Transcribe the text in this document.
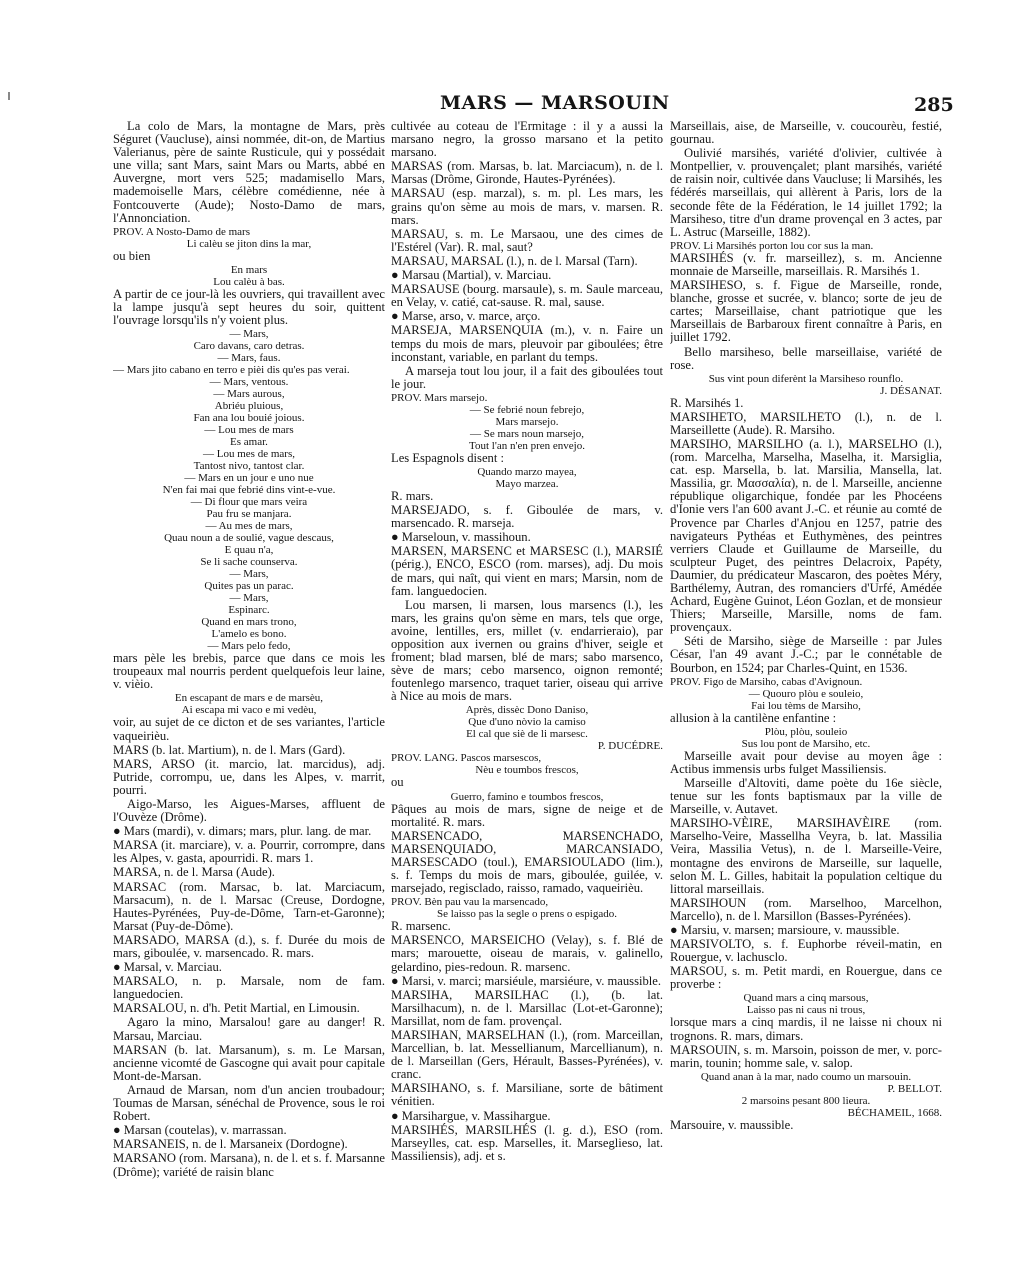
MARS — MARSOUIN	285

La colo de Mars, la montagne de Mars, près Séguret (Vaucluse), ainsi nommée, dit-on, de Martius Valerianus, père de sainte Rusticule, qui y possédait une villa; sant Mars, saint Mars ou Marts, abbé en Auvergne, mort vers 525; madamisello Mars, mademoiselle Mars, célèbre comédienne, née à Fontcouverte (Aude); Nosto-Damo de mars, l'Annonciation.

PROV. A Nosto-Damo de mars
Li calèu se jiton dins la mar,

ou bien

En mars
Lou calèu à bas.

A partir de ce jour-là les ouvriers, qui travaillent avec la lampe jusqu'à sept heures du soir, quittent l'ouvrage lorsqu'ils n'y voient plus.

— Mars,
Caro davans, caro detras.
— Mars, faus.
— Mars jito cabano en terro e pièi dis qu'es pas verai.
— Mars, ventous.
— Mars aurous,
Abriéu pluious,
Fan ana lou bouié joious.
— Lou mes de mars
Es amar.
— Lou mes de mars,
Tantost nivo, tantost clar.
— Mars en un jour e uno nue
N'en fai mai que febrié dins vint-e-vue.
— Di flour que mars veira
Pau fru se manjara.
— Au mes de mars,
Quau noun a de soulié, vague descaus,
E quau n'a,
Se li sache counserva.
— Mars,
Quites pas un parac.
— Mars,
Espinarc.
Quand en mars trono,
L'amelo es bono.
— Mars pelo fedo,

mars pèle les brebis, parce que dans ce mois les troupeaux mal nourris perdent quelquefois leur laine, v. vièio.

En escapant de mars e de marsèu,
Ai escapa mi vaco e mi vedèu,

voir, au sujet de ce dicton et de ses variantes, l'article vaqueirièu.

MARS (b. lat. Martium), n. de l. Mars (Gard).

MARS, ARSO (it. marcio, lat. marcidus), adj. Putride, corrompu, ue, dans les Alpes, v. marrit, pourri.

Aigo-Marso, les Aigues-Marses, affluent de l'Ouvèze (Drôme).

● Mars (mardi), v. dimars; mars, plur. lang. de mar.

MARSA (it. marciare), v. a. Pourrir, corrompre, dans les Alpes, v. gasta, apourridi. R. mars 1.

MARSA, n. de l. Marsa (Aude).

MARSAC (rom. Marsac, b. lat. Marciacum, Marsacum), n. de l. Marsac (Creuse, Dordogne, Hautes-Pyrénées, Puy-de-Dôme, Tarn-et-Garonne); Marsat (Puy-de-Dôme).

MARSADO, MARSA (d.), s. f. Durée du mois de mars, giboulée, v. marsencado. R. mars.

● Marsal, v. Marciau.

MARSALO, n. p. Marsale, nom de fam. languedocien.

MARSALOU, n. d'h. Petit Martial, en Limousin.

Agaro la mino, Marsalou! gare au danger! R. Marsau, Marciau.

MARSAN (b. lat. Marsanum), s. m. Le Marsan, ancienne vicomté de Gascogne qui avait pour capitale Mont-de-Marsan.

Arnaud de Marsan, nom d'un ancien troubadour; Toumas de Marsan, sénéchal de Provence, sous le roi Robert.

● Marsan (coutelas), v. marrassan.

MARSANEIS, n. de l. Marsaneix (Dordogne).

MARSANO (rom. Marsana), n. de l. et s. f. Marsanne (Drôme); variété de raisin blanc

cultivée au coteau de l'Ermitage : il y a aussi la marsano negro, la grosso marsano et la petito marsano.

MARSAS (rom. Marsas, b. lat. Marciacum), n. de l. Marsas (Drôme, Gironde, Hautes-Pyrénées).

MARSAU (esp. marzal), s. m. pl. Les mars, les grains qu'on sème au mois de mars, v. marsen. R. mars.

MARSAU, s. m. Le Marsaou, une des cimes de l'Estérel (Var). R. mal, saut?

MARSAU, MARSAL (l.), n. de l. Marsal (Tarn).

● Marsau (Martial), v. Marciau.

MARSAUSE (bourg. marsaule), s. m. Saule marceau, en Velay, v. catié, cat-sause. R. mal, sause.

● Marse, arso, v. marce, arço.

MARSEJA, MARSENQUIA (m.), v. n. Faire un temps du mois de mars, pleuvoir par giboulées; être inconstant, variable, en parlant du temps.

A marseja tout lou jour, il a fait des giboulées tout le jour.

PROV. Mars marsejo.
— Se febrié noun febrejo,
Mars marsejo.
— Se mars noun marsejo,
Tout l'an n'en pren envejo.

Les Espagnols disent :

Quando marzo mayea,
Mayo marzea.

R. mars.

MARSEJADO, s. f. Giboulée de mars, v. marsencado. R. marseja.

● Marseloun, v. massihoun.

MARSEN, MARSENC et MARSESC (l.), MARSIÉ (périg.), ENCO, ESCO (rom. marses), adj. Du mois de mars, qui naît, qui vient en mars; Marsin, nom de fam. languedocien.

Lou marsen, li marsen, lous marsencs (l.), les mars, les grains qu'on sème en mars, tels que orge, avoine, lentilles, ers, millet (v. endarrieraio), par opposition aux ivernen ou grains d'hiver, seigle et froment; blad marsen, blé de mars; sabo marsenco, sève de mars; cebo marsenco, oignon remonté; foutenlego marsenco, traquet tarier, oiseau qui arrive à Nice au mois de mars.

Après, dissèc Dono Daniso,
Que d'uno nòvio la camiso
El cal que siè de li marsesc.
P. DUCÉDRE.
PROV. LANG. Pascos marsescos,
Nèu e toumbos frescos,

ou

Guerro, famino e toumbos frescos,

Pâques au mois de mars, signe de neige et de mortalité. R. mars.

MARSENCADO, MARSENCHADO, MARSENQUIADO, MARCANSIADO, MARSESCADO (toul.), EMARSIOULADO (lim.), s. f. Temps du mois de mars, giboulée, guilée, v. marsejado, regisclado, raisso, ramado, vaqueirièu.

PROV. Bèn pau vau la marsencado,
Se laisso pas la segle o prens o espigado.

R. marsenc.

MARSENCO, MARSEICHO (Velay), s. f. Blé de mars; marouette, oiseau de marais, v. galinello, gelardino, pies-redoun. R. marsenc.

● Marsi, v. marci; marsiéule, marsiéure, v. maussible.

MARSIHA, MARSILHAC (l.), (b. lat. Marsilhacum), n. de l. Marsillac (Lot-et-Garonne); Marsillat, nom de fam. provençal.

MARSIHAN, MARSELHAN (l.), (rom. Marceillan, Marcellian, b. lat. Messellianum, Marcellianum), n. de l. Marseillan (Gers, Hérault, Basses-Pyrénées), v. cranc.

MARSIHANO, s. f. Marsiliane, sorte de bâtiment vénitien.

● Marsihargue, v. Massihargue.

MARSIHÉS, MARSILHÉS (l. g. d.), ESO (rom. Marseylles, cat. esp. Marselles, it. Marseglieso, lat. Massiliensis), adj. et s.

Marseillais, aise, de Marseille, v. coucourèu, festié, gournau.

Oulivié marsihés, variété d'olivier, cultivée à Montpellier, v. prouvençalet; plant marsihés, variété de raisin noir, cultivée dans Vaucluse; li Marsihés, les fédérés marseillais, qui allèrent à Paris, lors de la seconde fête de la Fédération, le 14 juillet 1792; la Marsiheso, titre d'un drame provençal en 3 actes, par L. Astruc (Marseille, 1882).

PROV. Li Marsihés porton lou cor sus la man.

MARSIHÉS (v. fr. marseillez), s. m. Ancienne monnaie de Marseille, marseillais. R. Marsihés 1.

MARSIHESO, s. f. Figue de Marseille, ronde, blanche, grosse et sucrée, v. blanco; sorte de jeu de cartes; Marseillaise, chant patriotique que les Marseillais de Barbaroux firent connaître à Paris, en juillet 1792.

Bello marsiheso, belle marseillaise, variété de rose.

Sus vint poun diferènt la Marsiheso rounflo.
J. DÉSANAT.

R. Marsihés 1.

MARSIHETO, MARSILHETO (l.), n. de l. Marseillette (Aude). R. Marsiho.

MARSIHO, MARSILHO (a. l.), MARSELHO (l.), (rom. Marcelha, Marselha, Maselha, it. Marsiglia, cat. esp. Marsella, b. lat. Marsilia, Mansella, lat. Massilia, gr. Μασσαλία), n. de l. Marseille, ancienne république oligarchique, fondée par les Phocéens d'Ionie vers l'an 600 avant J.-C. et réunie au comté de Provence par Charles d'Anjou en 1257, patrie des navigateurs Pythéas et Euthymènes, des peintres verriers Claude et Guillaume de Marseille, du sculpteur Puget, des peintres Delacroix, Papéty, Daumier, du prédicateur Mascaron, des poètes Méry, Barthélemy, Autran, des romanciers d'Urfé, Amédée Achard, Eugène Guinot, Léon Gozlan, et de monsieur Thiers; Marseille, Marsille, noms de fam. provençaux.

Séti de Marsiho, siège de Marseille : par Jules César, l'an 49 avant J.-C.; par le connétable de Bourbon, en 1524; par Charles-Quint, en 1536.

PROV. Figo de Marsiho, cabas d'Avignoun.
— Quouro plòu e souleio,
Fai lou tèms de Marsiho,

allusion à la cantilène enfantine :

Plòu, plòu, souleio
Sus lou pont de Marsiho, etc.

Marseille avait pour devise au moyen âge : Actibus immensis urbs fulget Massiliensis.

Marseille d'Altoviti, dame poète du 16e siècle, tenue sur les fonts baptismaux par la ville de Marseille, v. Autavet.

MARSIHO-VÈIRE, MARSIHAVÈIRE (rom. Marselho-Veire, Massellha Veyra, b. lat. Massilia Veira, Massilia Vetus), n. de l. Marseille-Veire, montagne des environs de Marseille, sur laquelle, selon M. L. Gilles, habitait la population celtique du littoral marseillais.

MARSIHOUN (rom. Marselhoo, Marcelhon, Marcello), n. de l. Marsillon (Basses-Pyrénées).

● Marsiu, v. marsen; marsioure, v. maussible.

MARSIVOLTO, s. f. Euphorbe réveil-matin, en Rouergue, v. lachusclo.

MARSOU, s. m. Petit mardi, en Rouergue, dans ce proverbe :

Quand mars a cinq marsous,
Laisso pas ni caus ni trous,

lorsque mars a cinq mardis, il ne laisse ni choux ni trognons. R. mars, dimars.

MARSOUIN, s. m. Marsoin, poisson de mer, v. porc-marin, tounin; homme sale, v. salop.

Quand anan à la mar, nado coumo un marsouin.
P. BELLOT.
2 marsoins pesant 800 lieura.
BÉCHAMEIL, 1668.

Marsouire, v. maussible.
